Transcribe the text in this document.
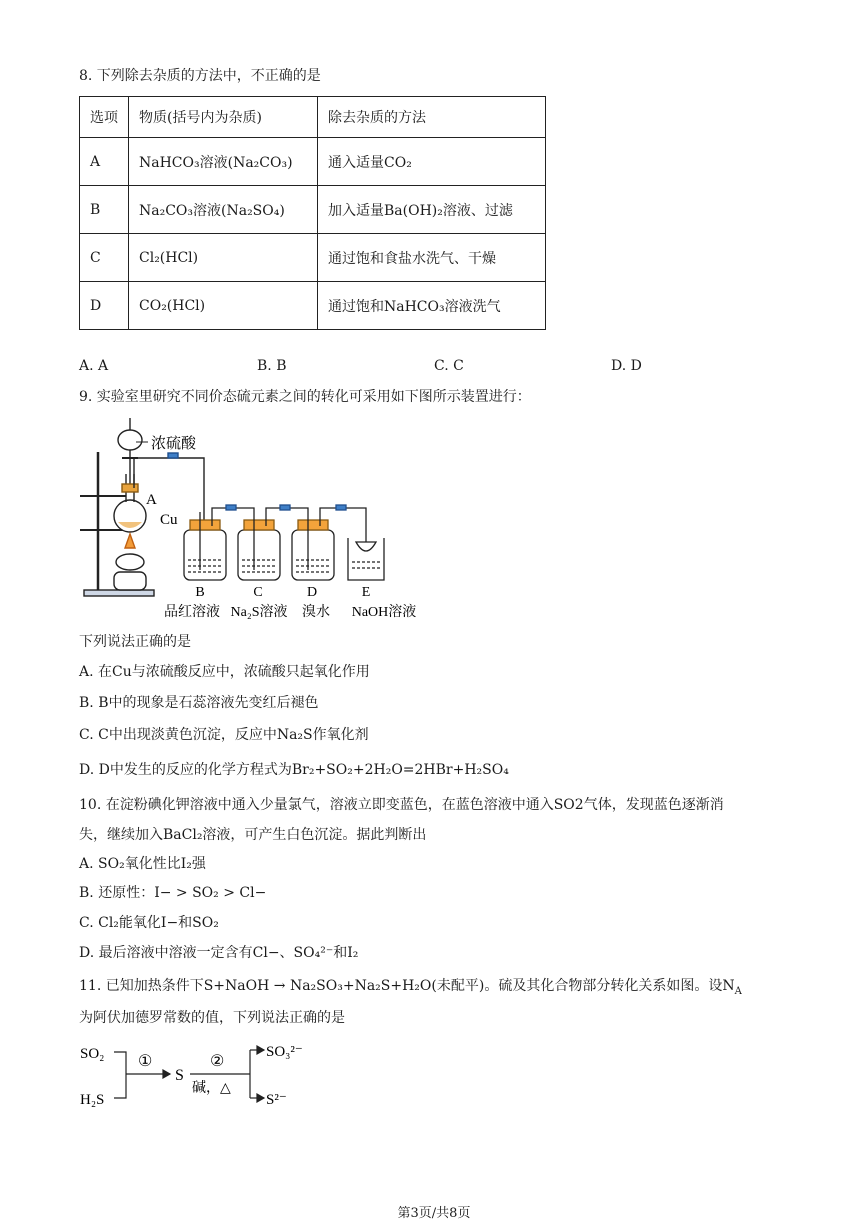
8. 下列除去杂质的方法中，不正确的是
选项	物质(括号内为杂质)	除去杂质的方法
A	NaHCO₃溶液(Na₂CO₃)	通入适量CO₂
B	Na₂CO₃溶液(Na₂SO₄)	加入适量Ba(OH)₂溶液、过滤
C	Cl₂(HCl)	通过饱和食盐水洗气、干燥
D	CO₂(HCl)	通过饱和NaHCO₃溶液洗气
A. A	B. B	C. C	D. D
9. 实验室里研究不同价态硫元素之间的转化可采用如下图所示装置进行：
浓硫酸
A
Cu
B	C	D	E
品红溶液 Na₂S溶液 溴水 NaOH溶液
下列说法正确的是
A. 在Cu与浓硫酸反应中，浓硫酸只起氧化作用
B. B中的现象是石蕊溶液先变红后褪色
C. C中出现淡黄色沉淀，反应中Na₂S作氧化剂
D. D中发生的反应的化学方程式为Br₂+SO₂+2H₂O=2HBr+H₂SO₄
10. 在淀粉碘化钾溶液中通入少量氯气，溶液立即变蓝色，在蓝色溶液中通入SO2气体，发现蓝色逐渐消
失，继续加入BaCl₂溶液，可产生白色沉淀。据此判断出
A. SO₂氧化性比I₂强
B. 还原性：I− > SO₂ > Cl−
C. Cl₂能氧化I−和SO₂
D. 最后溶液中溶液一定含有Cl−、SO₄²⁻和I₂
11. 已知加热条件下S+NaOH → Na₂SO₃+Na₂S+H₂O(未配平)。硫及其化合物部分转化关系如图。设$N_A$
为阿伏加德罗常数的值，下列说法正确的是
SO₂
H₂S
①
S
②
碱，△
SO₃²⁻
S²⁻
第3页/共8页
